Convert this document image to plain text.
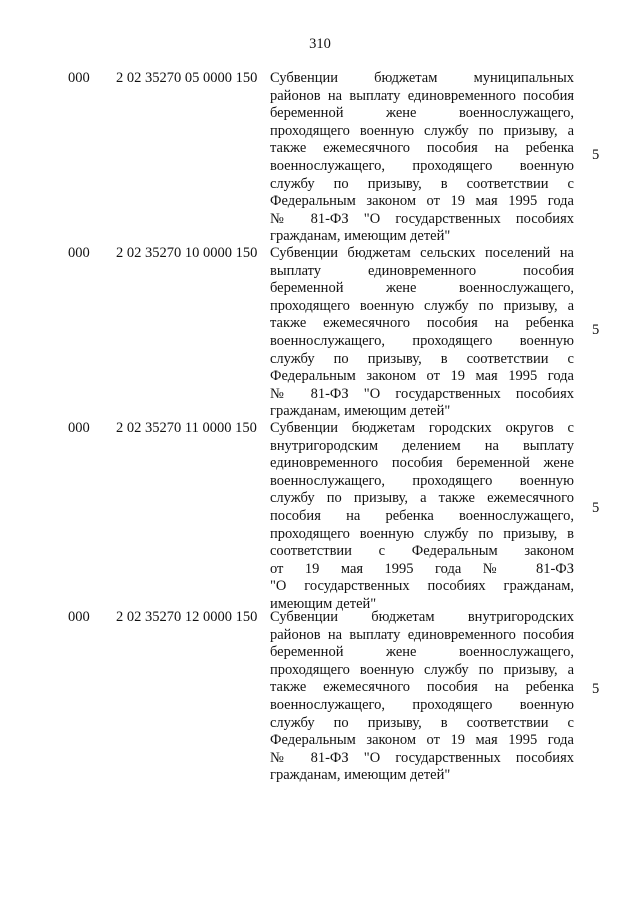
310
000 2 02 35270 05 0000 150 Субвенции бюджетам муниципальных
районов на выплату единовременного пособия
беременной жене военнослужащего,
проходящего военную службу по призыву, а
также ежемесячного пособия на ребенка
военнослужащего, проходящего военную
службу по призыву, в соответствии с
Федеральным законом от 19 мая 1995 года
№ 81-ФЗ "О государственных пособиях
гражданам, имеющим детей"
5
000 2 02 35270 10 0000 150 Субвенции бюджетам сельских поселений на
выплату единовременного пособия
беременной жене военнослужащего,
проходящего военную службу по призыву, а
также ежемесячного пособия на ребенка
военнослужащего, проходящего военную
службу по призыву, в соответствии с
Федеральным законом от 19 мая 1995 года
№ 81-ФЗ "О государственных пособиях
гражданам, имеющим детей"
5
000 2 02 35270 11 0000 150 Субвенции бюджетам городских округов с
внутригородским делением на выплату
единовременного пособия беременной жене
военнослужащего, проходящего военную
службу по призыву, а также ежемесячного
пособия на ребенка военнослужащего,
проходящего военную службу по призыву, в
соответствии с Федеральным законом
от 19 мая 1995 года № 81-ФЗ
"О государственных пособиях гражданам,
имеющим детей"
5
000 2 02 35270 12 0000 150 Субвенции бюджетам внутригородских
районов на выплату единовременного пособия
беременной жене военнослужащего,
проходящего военную службу по призыву, а
также ежемесячного пособия на ребенка
военнослужащего, проходящего военную
службу по призыву, в соответствии с
Федеральным законом от 19 мая 1995 года
№ 81-ФЗ "О государственных пособиях
гражданам, имеющим детей"
5
